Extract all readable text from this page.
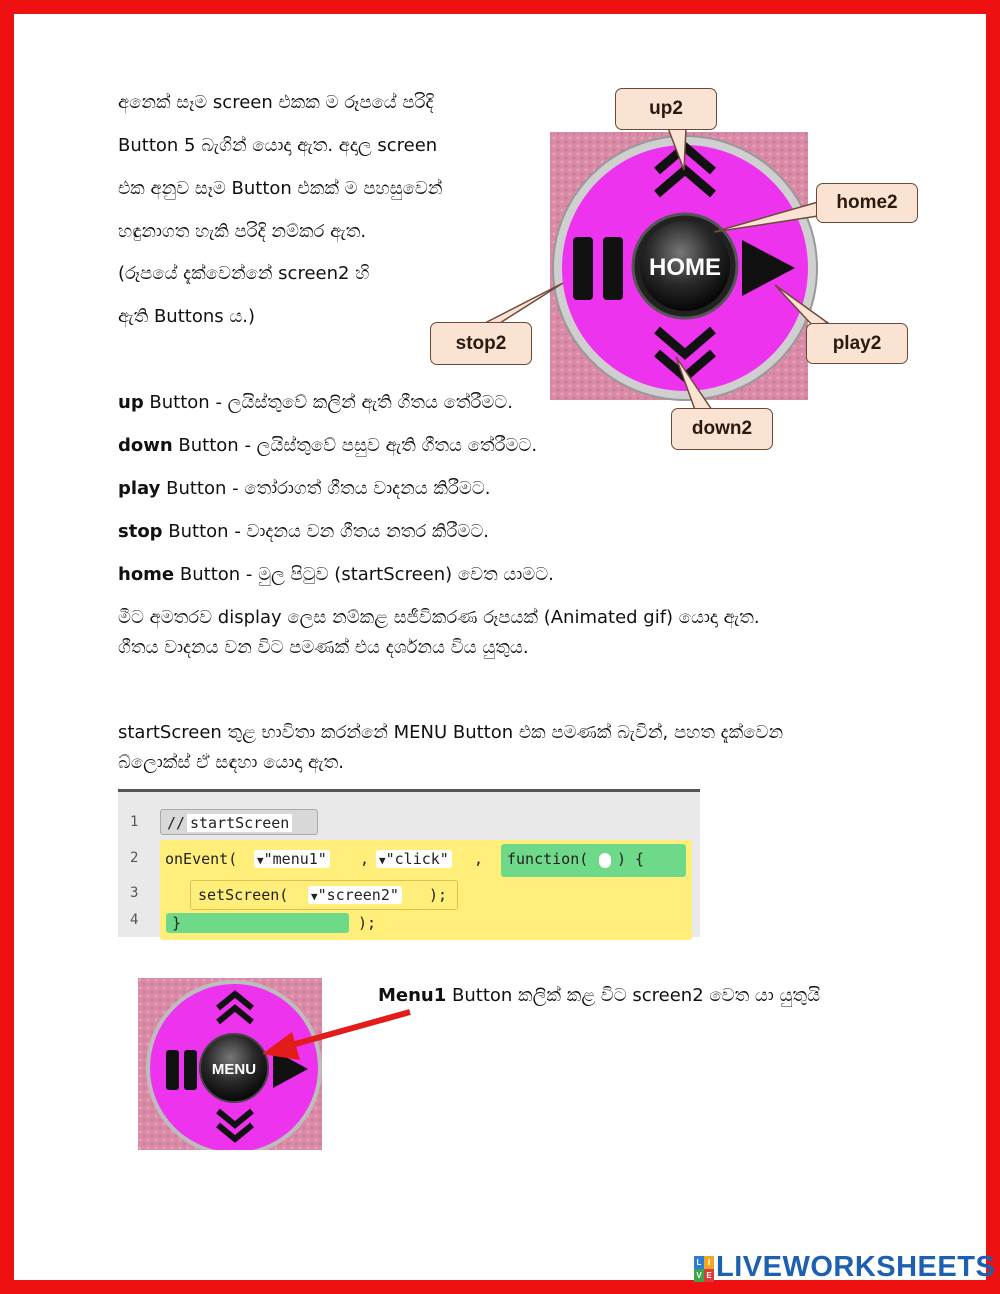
අනෙක් සෑම screen එකක ම රූපයේ පරිදි
Button 5 බැගින් යොදා ඇත. අදාල screen
එක අනුව සෑම Button එකක් ම පහසුවෙන්
හඳුනාගත හැකි පරිදි නම්කර ඇත.
(රූපයේ දැක්වෙන්නේ screen2 හි
ඇති Buttons ය.)
HOME
up2
home2
stop2	play2
down2
up Button - ලයිස්තුවේ කලින් ඇති ගීතය තේරීමට.
down Button - ලයිස්තුවේ පසුව ඇති ගීතය තේරීමට.
play Button - තෝරාගත් ගීතය වාදනය කිරීමට.
stop Button - වාදනය වන ගීතය නතර කිරීමට.
home Button - මුල පිටුව (startScreen) වෙත යාමට.
මීට අමතරව display ලෙස නම්කළ සජීවිකරණ රූපයක් (Animated gif) යොදා ඇත.
ගීතය වාදනය වන විට පමණක් එය දර්ශනය විය යුතුය.
startScreen තුළ භාවිතා කරන්නේ MENU Button එක පමණක් බැවින්, පහත දැක්වෙන
බ්ලොක්ස් ඒ සඳහා යොදා ඇත.
1
2
3
4
// startScreen
onEvent( ▼"menu1" , ▼"click" , function( ) {
setScreen( ▼"screen2" );
}	);
MENU
Menu1 Button කලික් කළ විට screen2 වෙත යා යුතුයි
L I
V E LIVEWORKSHEETS
